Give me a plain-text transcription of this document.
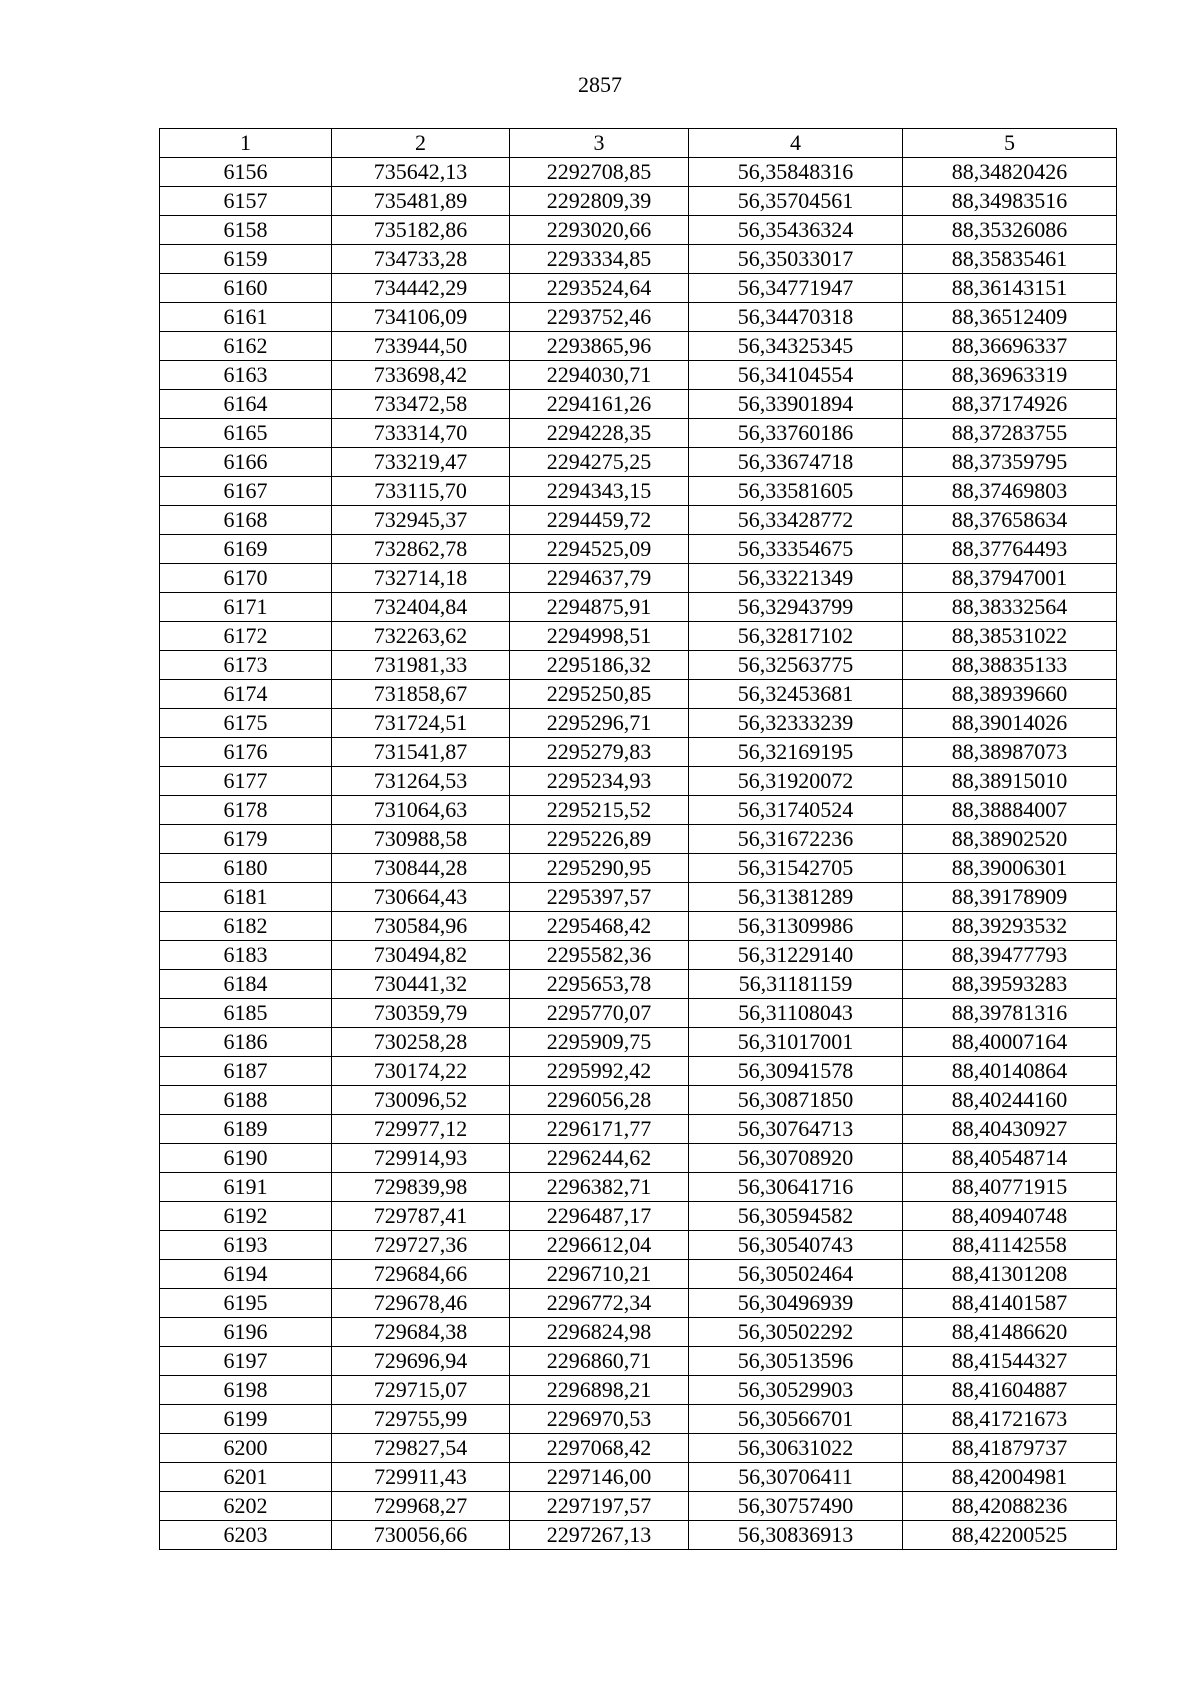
2857
1	2	3	4	5
6156	735642,13	2292708,85	56,35848316	88,34820426
6157	735481,89	2292809,39	56,35704561	88,34983516
6158	735182,86	2293020,66	56,35436324	88,35326086
6159	734733,28	2293334,85	56,35033017	88,35835461
6160	734442,29	2293524,64	56,34771947	88,36143151
6161	734106,09	2293752,46	56,34470318	88,36512409
6162	733944,50	2293865,96	56,34325345	88,36696337
6163	733698,42	2294030,71	56,34104554	88,36963319
6164	733472,58	2294161,26	56,33901894	88,37174926
6165	733314,70	2294228,35	56,33760186	88,37283755
6166	733219,47	2294275,25	56,33674718	88,37359795
6167	733115,70	2294343,15	56,33581605	88,37469803
6168	732945,37	2294459,72	56,33428772	88,37658634
6169	732862,78	2294525,09	56,33354675	88,37764493
6170	732714,18	2294637,79	56,33221349	88,37947001
6171	732404,84	2294875,91	56,32943799	88,38332564
6172	732263,62	2294998,51	56,32817102	88,38531022
6173	731981,33	2295186,32	56,32563775	88,38835133
6174	731858,67	2295250,85	56,32453681	88,38939660
6175	731724,51	2295296,71	56,32333239	88,39014026
6176	731541,87	2295279,83	56,32169195	88,38987073
6177	731264,53	2295234,93	56,31920072	88,38915010
6178	731064,63	2295215,52	56,31740524	88,38884007
6179	730988,58	2295226,89	56,31672236	88,38902520
6180	730844,28	2295290,95	56,31542705	88,39006301
6181	730664,43	2295397,57	56,31381289	88,39178909
6182	730584,96	2295468,42	56,31309986	88,39293532
6183	730494,82	2295582,36	56,31229140	88,39477793
6184	730441,32	2295653,78	56,31181159	88,39593283
6185	730359,79	2295770,07	56,31108043	88,39781316
6186	730258,28	2295909,75	56,31017001	88,40007164
6187	730174,22	2295992,42	56,30941578	88,40140864
6188	730096,52	2296056,28	56,30871850	88,40244160
6189	729977,12	2296171,77	56,30764713	88,40430927
6190	729914,93	2296244,62	56,30708920	88,40548714
6191	729839,98	2296382,71	56,30641716	88,40771915
6192	729787,41	2296487,17	56,30594582	88,40940748
6193	729727,36	2296612,04	56,30540743	88,41142558
6194	729684,66	2296710,21	56,30502464	88,41301208
6195	729678,46	2296772,34	56,30496939	88,41401587
6196	729684,38	2296824,98	56,30502292	88,41486620
6197	729696,94	2296860,71	56,30513596	88,41544327
6198	729715,07	2296898,21	56,30529903	88,41604887
6199	729755,99	2296970,53	56,30566701	88,41721673
6200	729827,54	2297068,42	56,30631022	88,41879737
6201	729911,43	2297146,00	56,30706411	88,42004981
6202	729968,27	2297197,57	56,30757490	88,42088236
6203	730056,66	2297267,13	56,30836913	88,42200525
